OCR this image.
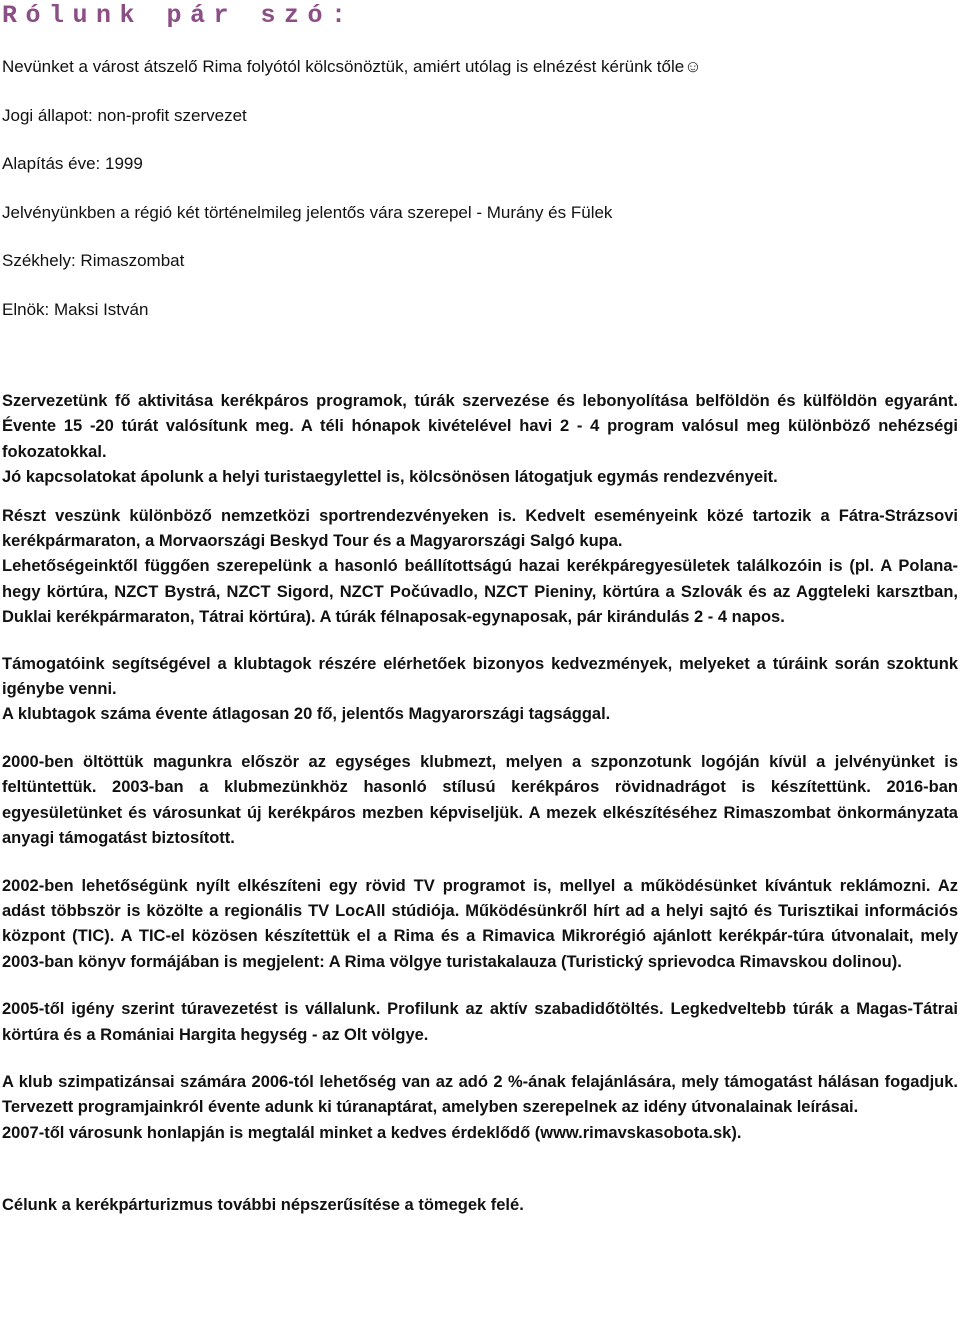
Rólunk pár szó:

Nevünket a várost átszelő Rima folyótól kölcsönöztük, amiért utólag is elnézést kérünk tőle☺

Jogi állapot: non-profit szervezet

Alapítás éve: 1999

Jelvényünkben a régió két történelmileg jelentős vára szerepel - Murány és Fülek

Székhely: Rimaszombat

Elnök: Maksi István

Szervezetünk fő aktivitása kerékpáros programok, túrák szervezése és lebonyolítása belföldön és külföldön egyaránt. Évente 15 -20 túrát valósítunk meg. A téli hónapok kivételével havi 2 - 4 program valósul meg különböző nehézségi fokozatokkal.

Jó kapcsolatokat ápolunk a helyi turistaegylettel is, kölcsönösen látogatjuk egymás rendezvényeit.

Részt veszünk különböző nemzetközi sportrendezvényeken is. Kedvelt eseményeink közé tartozik a Fátra-Strázsovi kerékpármaraton, a Morvaországi Beskyd Tour és a Magyarországi Salgó kupa.

Lehetőségeinktől függően szerepelünk a hasonló beállítottságú hazai kerékpáregyesületek találkozóin is (pl. A Polana-hegy körtúra, NZCT Bystrá, NZCT Sigord, NZCT Počúvadlo, NZCT Pieniny, körtúra a Szlovák és az Aggteleki karsztban, Duklai kerékpármaraton, Tátrai körtúra). A túrák félnaposak-egynaposak, pár kirándulás 2 - 4 napos.

Támogatóink segítségével a klubtagok részére elérhetőek bizonyos kedvezmények, melyeket a túráink során szoktunk igénybe venni.

A klubtagok száma évente átlagosan 20 fő, jelentős Magyarországi tagsággal.

2000-ben öltöttük magunkra először az egységes klubmezt, melyen a szponzotunk logóján kívül a jelvényünket is feltüntettük. 2003-ban a klubmezünkhöz hasonló stílusú kerékpáros rövidnadrágot is készítettünk. 2016-ban egyesületünket és városunkat új kerékpáros mezben képviseljük. A mezek elkészítéséhez Rimaszombat önkormányzata anyagi támogatást biztosított.

2002-ben lehetőségünk nyílt elkészíteni egy rövid TV programot is, mellyel a működésünket kívántuk reklámozni. Az adást többször is közölte a regionális TV LocAll stúdiója. Működésünkről hírt ad a helyi sajtó és Turisztikai információs központ (TIC). A TIC-el közösen készítettük el a Rima és a Rimavica Mikrorégió ajánlott kerékpár-túra útvonalait, mely 2003-ban könyv formájában is megjelent: A Rima völgye turistakalauza (Turistický sprievodca Rimavskou dolinou).

2005-től igény szerint túravezetést is vállalunk. Profilunk az aktív szabadidőtöltés. Legkedveltebb túrák a Magas-Tátrai körtúra és a Romániai Hargita hegység - az Olt völgye.

A klub szimpatizánsai számára 2006-tól lehetőség van az adó 2 %-ának felajánlására, mely támogatást hálásan fogadjuk. Tervezett programjainkról évente adunk ki túranaptárat, amelyben szerepelnek az idény útvonalainak leírásai.

2007-től városunk honlapján is megtalál minket a kedves érdeklődő (www.rimavskasobota.sk).

Célunk a kerékpárturizmus további népszerűsítése a tömegek felé.
